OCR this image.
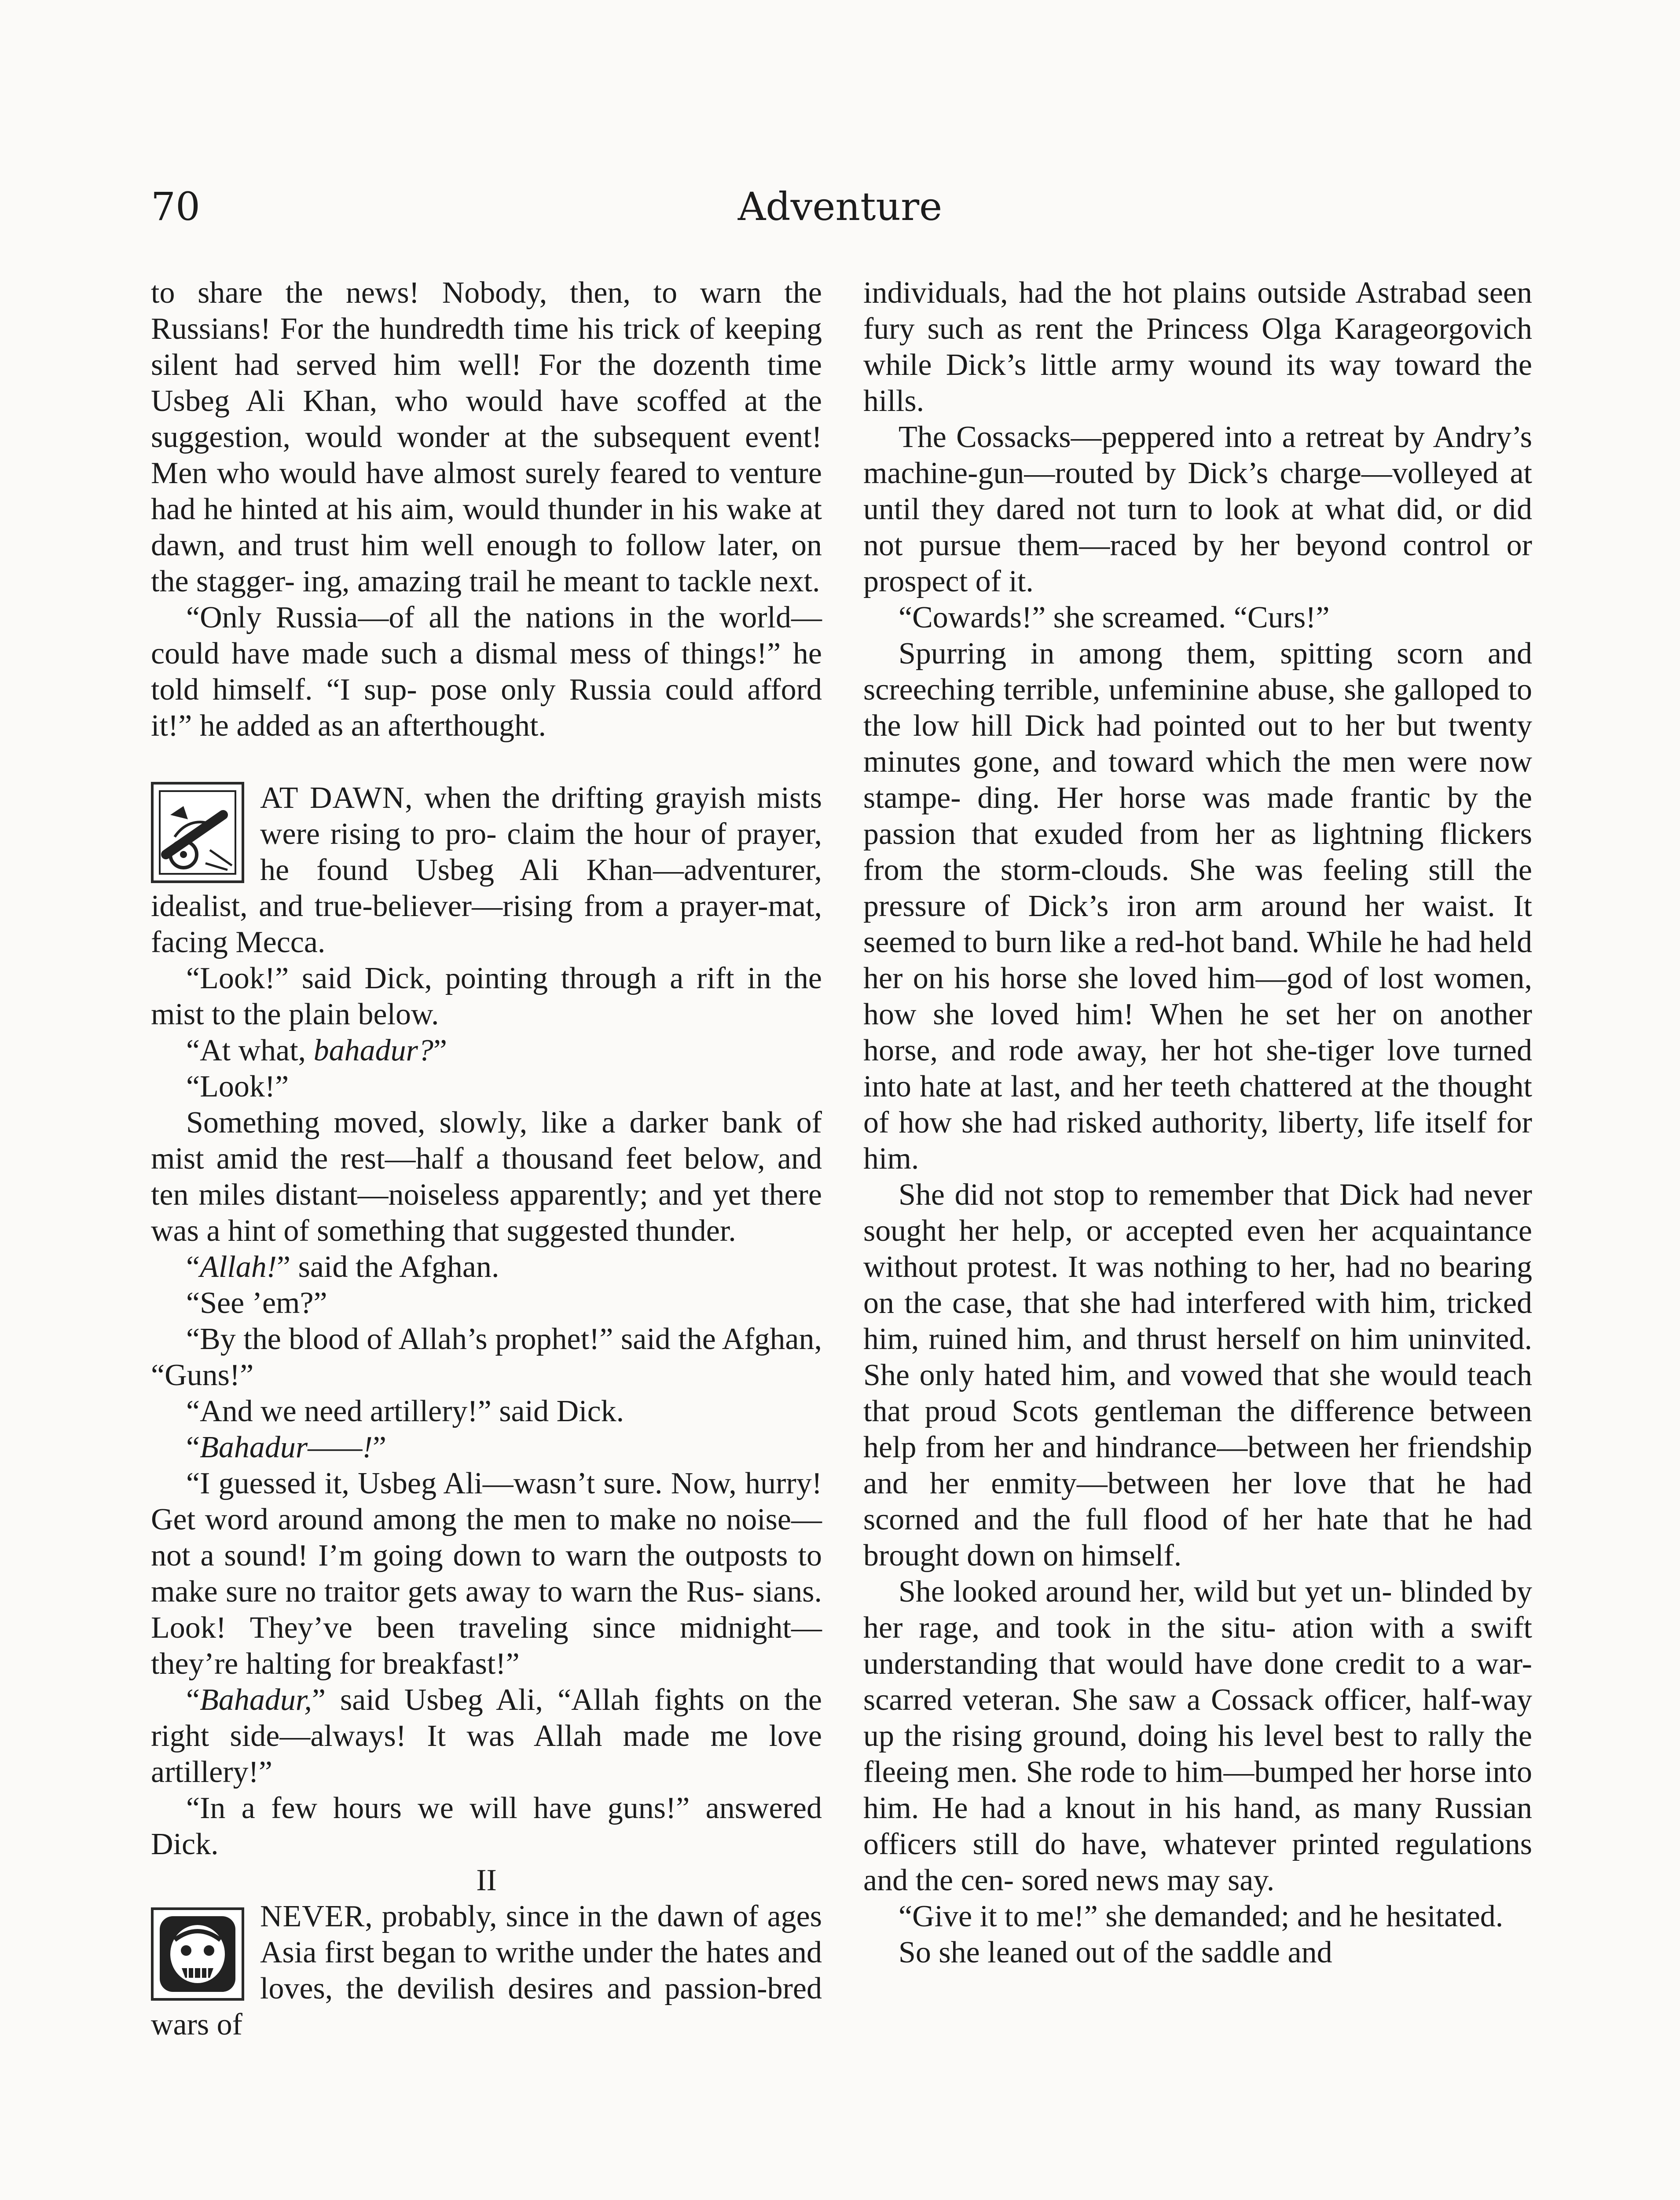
70	Adventure

to share the news! Nobody, then, to warn the Russians! For the hundredth time his trick of keeping silent had served him well! For the dozenth time Usbeg Ali Khan, who would have scoffed at the suggestion, would wonder at the subsequent event! Men who would have almost surely feared to venture had he hinted at his aim, would thunder in his wake at dawn, and trust him well enough to follow later, on the stagger- ing, amazing trail he meant to tackle next.

“Only Russia—of all the nations in the world—could have made such a dismal mess of things!” he told himself. “I sup- pose only Russia could afford it!” he added as an afterthought.

AT DAWN, when the drifting grayish mists were rising to pro- claim the hour of prayer, he found Usbeg Ali Khan—adventurer, idealist, and true-believer—rising from a prayer-mat, facing Mecca.

“Look!” said Dick, pointing through a rift in the mist to the plain below.

“At what, bahadur?”

“Look!”

Something moved, slowly, like a darker bank of mist amid the rest—half a thousand feet below, and ten miles distant—noiseless apparently; and yet there was a hint of something that suggested thunder.

“Allah!” said the Afghan.

“See ’em?”

“By the blood of Allah’s prophet!” said the Afghan, “Guns!”

“And we need artillery!” said Dick.

“Bahadur——!”

“I guessed it, Usbeg Ali—wasn’t sure. Now, hurry! Get word around among the men to make no noise—not a sound! I’m going down to warn the outposts to make sure no traitor gets away to warn the Rus- sians. Look! They’ve been traveling since midnight—they’re halting for breakfast!”

“Bahadur,” said Usbeg Ali, “Allah fights on the right side—always! It was Allah made me love artillery!”

“In a few hours we will have guns!” answered Dick.

II

NEVER, probably, since in the dawn of ages Asia first began to writhe under the hates and loves, the devilish desires and passion-bred wars of

individuals, had the hot plains outside Astrabad seen fury such as rent the Princess Olga Karageorgovich while Dick’s little army wound its way toward the hills.

The Cossacks—peppered into a retreat by Andry’s machine-gun—routed by Dick’s charge—volleyed at until they dared not turn to look at what did, or did not pursue them—raced by her beyond control or prospect of it.

“Cowards!” she screamed. “Curs!”

Spurring in among them, spitting scorn and screeching terrible, unfeminine abuse, she galloped to the low hill Dick had pointed out to her but twenty minutes gone, and toward which the men were now stampe- ding. Her horse was made frantic by the passion that exuded from her as lightning flickers from the storm-clouds. She was feeling still the pressure of Dick’s iron arm around her waist. It seemed to burn like a red-hot band. While he had held her on his horse she loved him—god of lost women, how she loved him! When he set her on another horse, and rode away, her hot she-tiger love turned into hate at last, and her teeth chattered at the thought of how she had risked authority, liberty, life itself for him.

She did not stop to remember that Dick had never sought her help, or accepted even her acquaintance without protest. It was nothing to her, had no bearing on the case, that she had interfered with him, tricked him, ruined him, and thrust herself on him uninvited. She only hated him, and vowed that she would teach that proud Scots gentleman the difference between help from her and hindrance—between her friendship and her enmity—between her love that he had scorned and the full flood of her hate that he had brought down on himself.

She looked around her, wild but yet un- blinded by her rage, and took in the situ- ation with a swift understanding that would have done credit to a war-scarred veteran. She saw a Cossack officer, half-way up the rising ground, doing his level best to rally the fleeing men. She rode to him—bumped her horse into him. He had a knout in his hand, as many Russian officers still do have, whatever printed regulations and the cen- sored news may say.

“Give it to me!” she demanded; and he hesitated.

So she leaned out of the saddle and
